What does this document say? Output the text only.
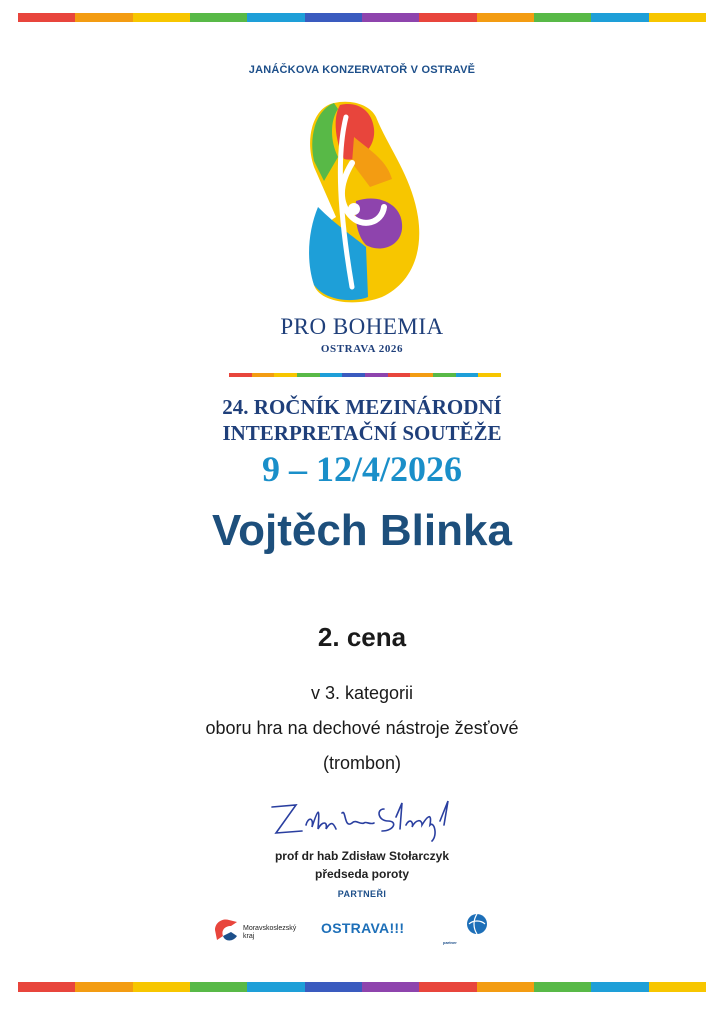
JANÁČKOVA KONZERVATOŘ V OSTRAVĚ
PRO BOHEMIA
OSTRAVA 2026
24. ROČNÍK MEZINÁRODNÍ
INTERPRETAČNÍ SOUTĚŽE
9 – 12/4/2026
Vojtěch Blinka
2. cena
v 3. kategorii
oboru hra na dechové nástroje žesťové
(trombon)
prof dr hab Zdisław Stołarczyk
předseda poroty
PARTNEŘI
Moravskoslezský kraj
OSTRAVA!!!
partner
